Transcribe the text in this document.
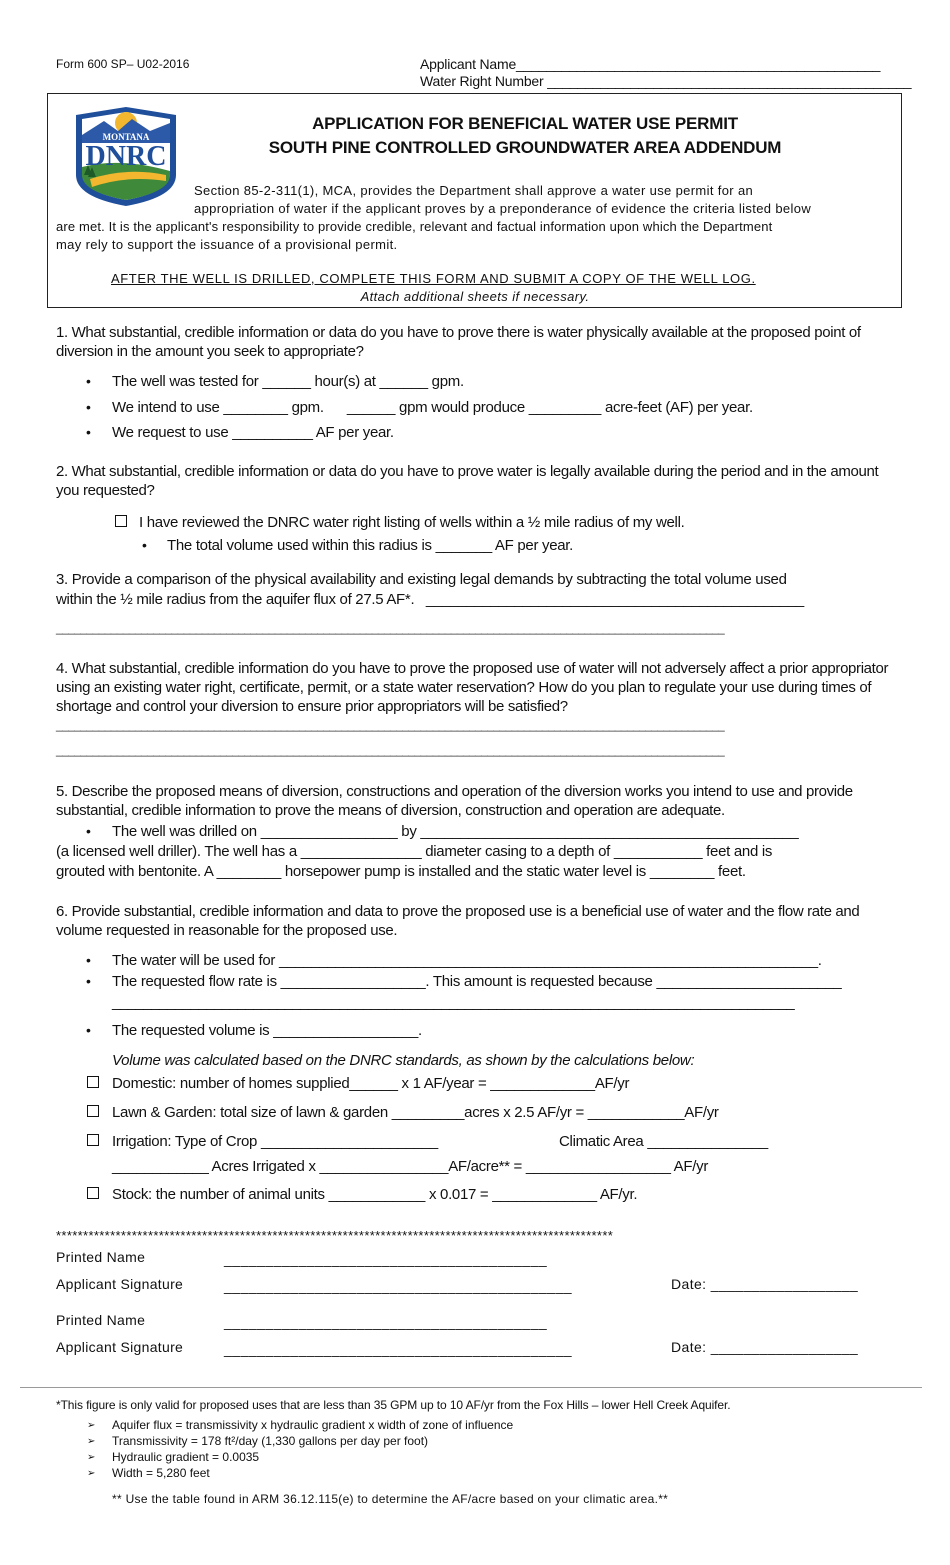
Form 600 SP– U02-2016	Applicant Name________________________________________________
Water Right Number ________________________________________________
MONTANA
DNRC
APPLICATION FOR BENEFICIAL WATER USE PERMIT
SOUTH PINE CONTROLLED GROUNDWATER AREA ADDENDUM
Section 85-2-311(1), MCA, provides the Department shall approve a water use permit for an
appropriation of water if the applicant proves by a preponderance of evidence the criteria listed below
are met. It is the applicant's responsibility to provide credible, relevant and factual information upon which the Department
may rely to support the issuance of a provisional permit.
AFTER THE WELL IS DRILLED, COMPLETE THIS FORM AND SUBMIT A COPY OF THE WELL LOG.
Attach additional sheets if necessary.
1. What substantial, credible information or data do you have to prove there is water physically available at the proposed point of diversion in the amount you seek to appropriate?
• The well was tested for ______ hour(s) at ______ gpm.
• We intend to use ________ gpm.      ______ gpm would produce _________ acre-feet (AF) per year.
• We request to use __________ AF per year.
2. What substantial, credible information or data do you have to prove water is legally available during the period and in the amount you requested?
I have reviewed the DNRC water right listing of wells within a ½ mile radius of my well.
• The total volume used within this radius is _______ AF per year.
3. Provide a comparison of the physical availability and existing legal demands by subtracting the total volume used
within the ½ mile radius from the aquifer flux of 27.5 AF*.   _______________________________________________
______________________________________________________________________________________________________________
4. What substantial, credible information do you have to prove the proposed use of water will not adversely affect a prior appropriator using an existing water right, certificate, permit, or a state water reservation? How do you plan to regulate your use during times of shortage and control your diversion to ensure prior appropriators will be satisfied?
______________________________________________________________________________________________________________
______________________________________________________________________________________________________________
5. Describe the proposed means of diversion, constructions and operation of the diversion works you intend to use and provide substantial, credible information to prove the means of diversion, construction and operation are adequate.
• The well was drilled on _________________ by _______________________________________________
(a licensed well driller). The well has a _______________ diameter casing to a depth of ___________ feet and is
grouted with bentonite. A ________ horsepower pump is installed and the static water level is ________ feet.
6. Provide substantial, credible information and data to prove the proposed use is a beneficial use of water and the flow rate and volume requested in reasonable for the proposed use.
• The water will be used for ___________________________________________________________________.
• The requested flow rate is __________________. This amount is requested because _______________________
_______________________________________________________________________________________
• The requested volume is __________________.
Volume was calculated based on the DNRC standards, as shown by the calculations below:
Domestic: number of homes supplied______ x 1 AF/year = _____________AF/yr
Lawn & Garden: total size of lawn & garden _________acres x 2.5 AF/yr = ____________AF/yr
Irrigation: Type of Crop ______________________	Climatic Area _______________
____________ Acres Irrigated x ________________AF/acre** = __________________ AF/yr
Stock: the number of animal units ____________ x 0.017 = _____________ AF/yr.
*******************************************************************************************************
Printed Name	_______________________________________
Applicant Signature	__________________________________________	Date: __________________
Printed Name	_______________________________________
Applicant Signature	__________________________________________	Date: __________________
*This figure is only valid for proposed uses that are less than 35 GPM up to 10 AF/yr from the Fox Hills – lower Hell Creek Aquifer.
➢ Aquifer flux = transmissivity x hydraulic gradient x width of zone of influence
➢ Transmissivity = 178 ft²/day (1,330 gallons per day per foot)
➢ Hydraulic gradient = 0.0035
➢ Width = 5,280 feet
** Use the table found in ARM 36.12.115(e) to determine the AF/acre based on your climatic area.**
